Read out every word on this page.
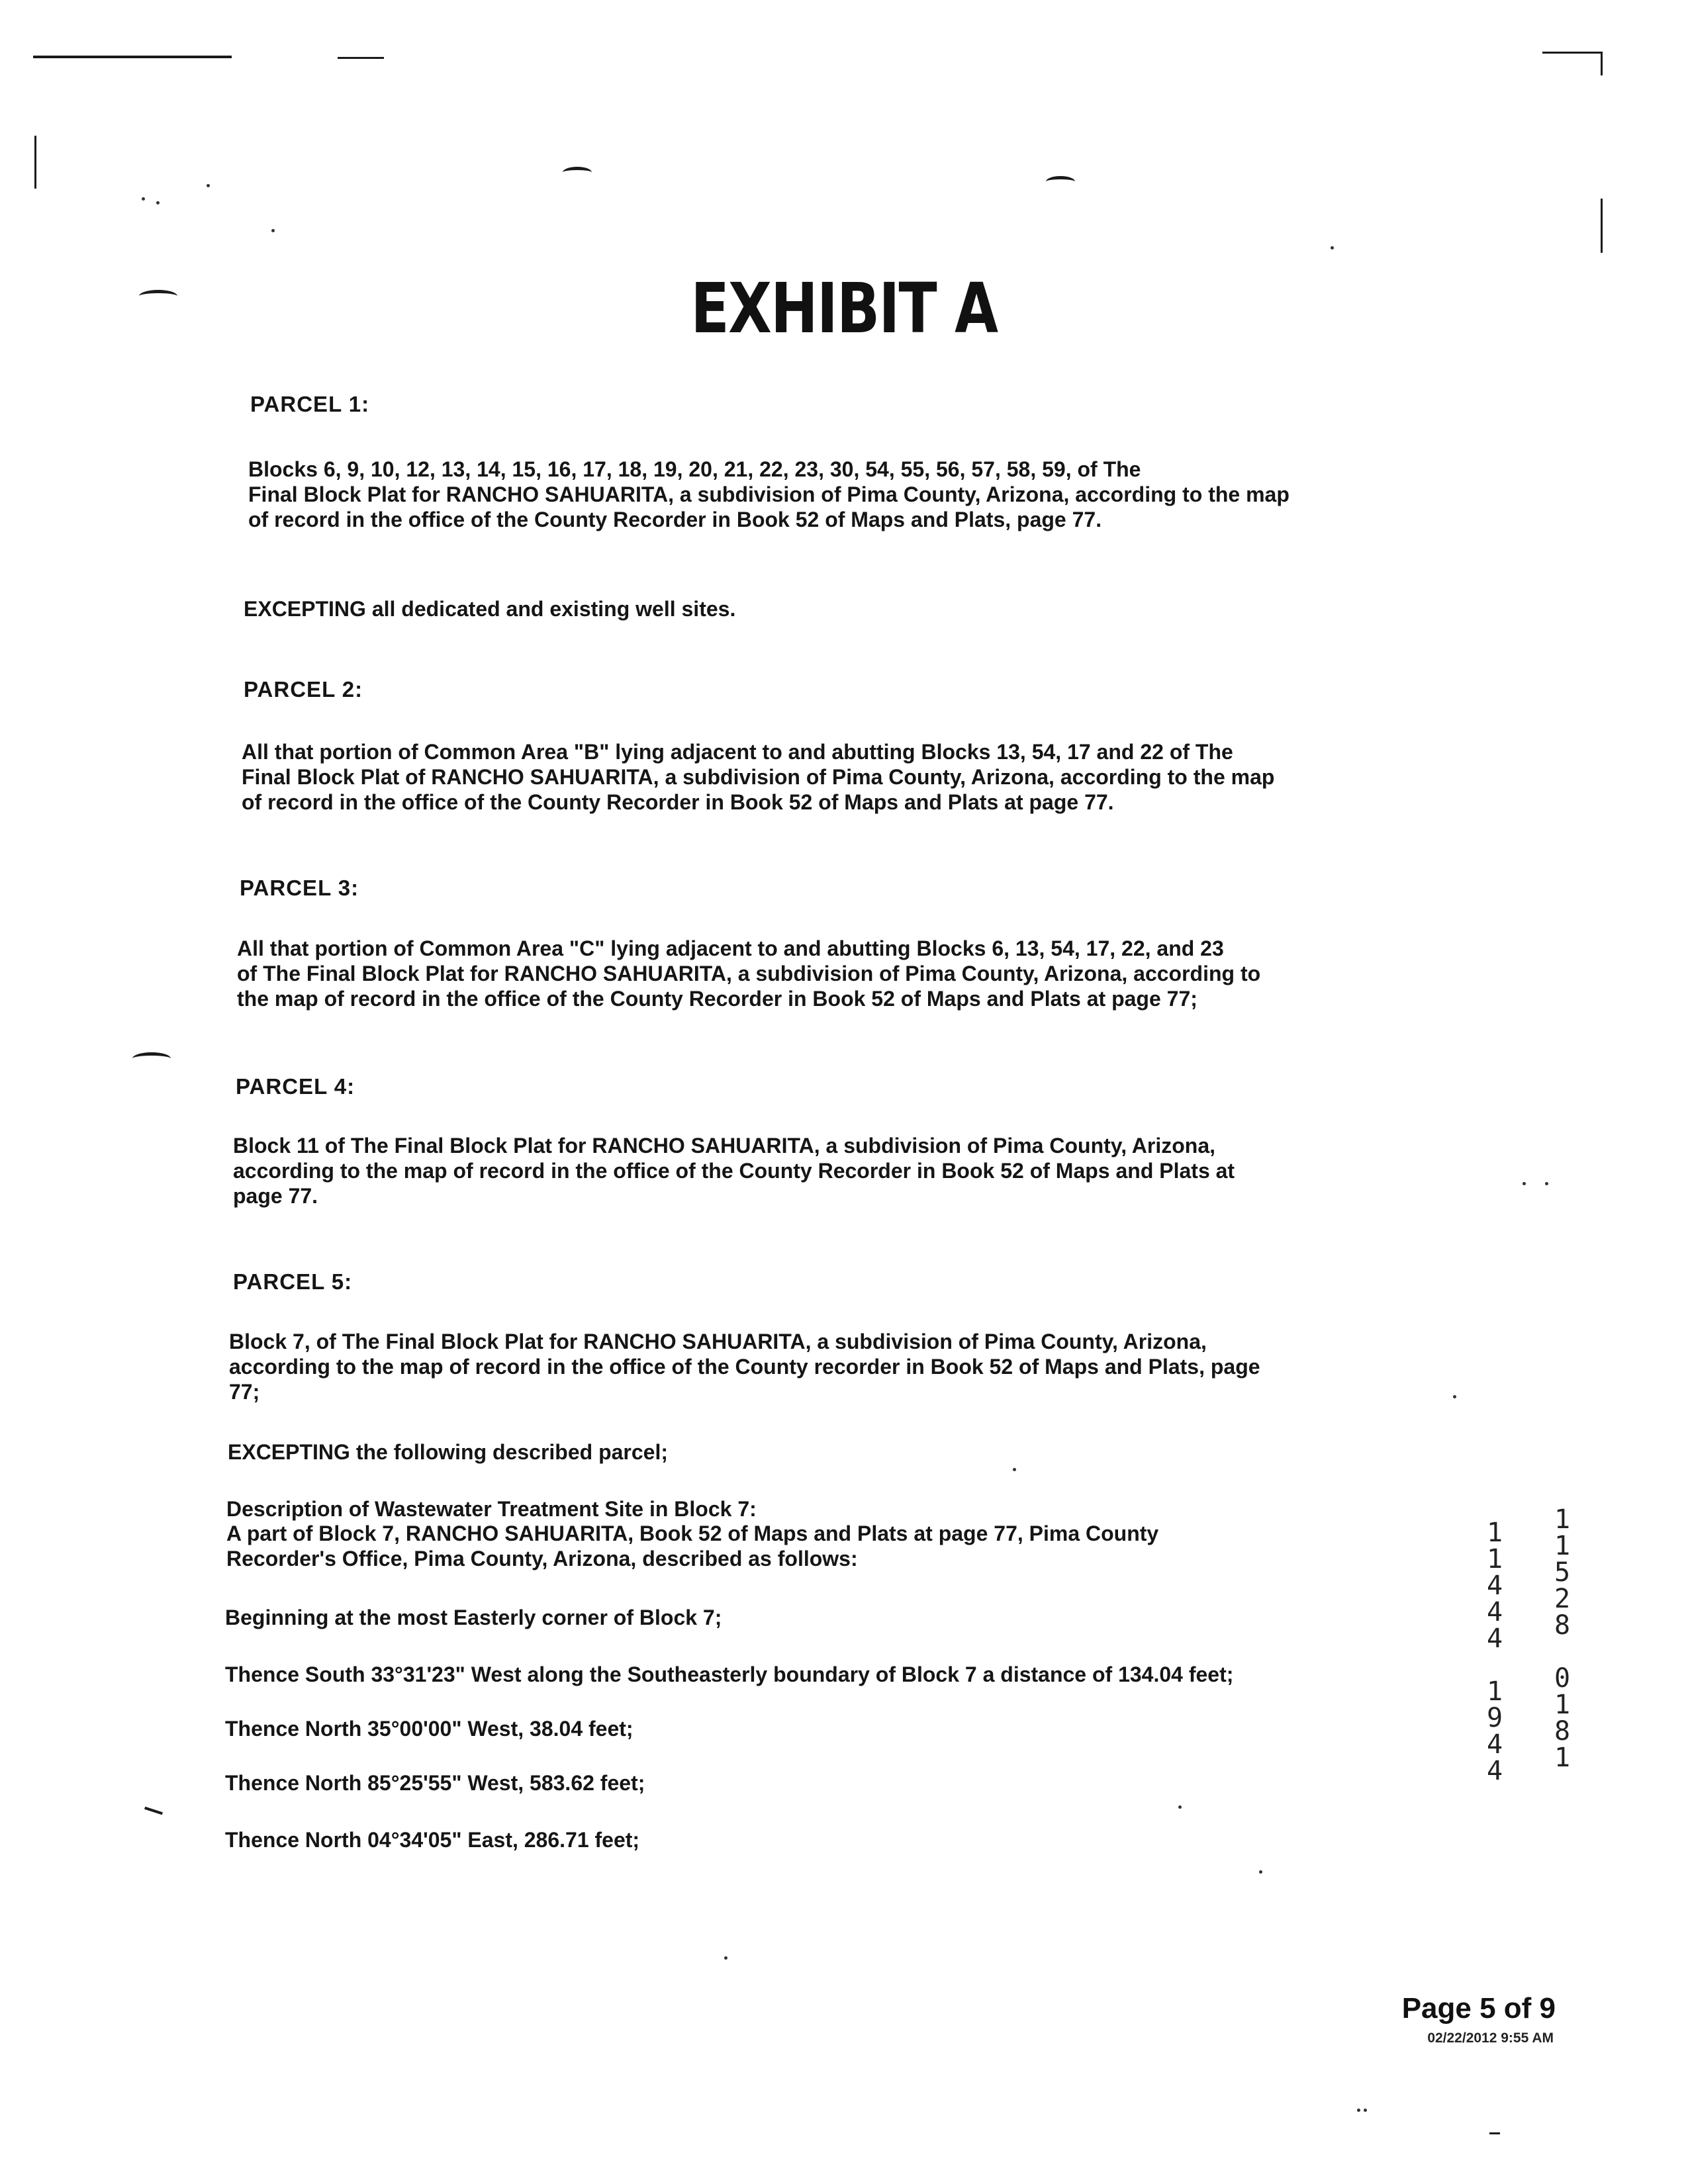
EXHIBIT A
PARCEL 1:
Blocks 6, 9, 10, 12, 13, 14, 15, 16, 17, 18, 19, 20, 21, 22, 23, 30, 54, 55, 56, 57, 58, 59, of The
Final Block Plat for RANCHO SAHUARITA, a subdivision of Pima County, Arizona, according to the map
of record in the office of the County Recorder in Book 52 of Maps and Plats, page 77.
EXCEPTING all dedicated and existing well sites.
PARCEL 2:
All that portion of Common Area "B" lying adjacent to and abutting Blocks 13, 54, 17 and 22 of The
Final Block Plat of RANCHO SAHUARITA, a subdivision of Pima County, Arizona, according to the map
of record in the office of the County Recorder in Book 52 of Maps and Plats at page 77.
PARCEL 3:
All that portion of Common Area "C" lying adjacent to and abutting Blocks 6, 13, 54, 17, 22, and 23
of The Final Block Plat for RANCHO SAHUARITA, a subdivision of Pima County, Arizona, according to
the map of record in the office of the County Recorder in Book 52 of Maps and Plats at page 77;
PARCEL 4:
Block 11 of The Final Block Plat for RANCHO SAHUARITA, a subdivision of Pima County, Arizona,
according to the map of record in the office of the County Recorder in Book 52 of Maps and Plats at
page 77.
PARCEL 5:
Block 7, of The Final Block Plat for RANCHO SAHUARITA, a subdivision of Pima County, Arizona,
according to the map of record in the office of the County recorder in Book 52 of Maps and Plats, page
77;
EXCEPTING the following described parcel;
Description of Wastewater Treatment Site in Block 7:
A part of Block 7, RANCHO SAHUARITA, Book 52 of Maps and Plats at page 77, Pima County
Recorder's Office, Pima County, Arizona, described as follows:
Beginning at the most Easterly corner of Block 7;
Thence South 33°31'23" West along the Southeasterly boundary of Block 7 a distance of 134.04 feet;
Thence North 35°00'00" West, 38.04 feet;
Thence North 85°25'55" West, 583.62 feet;
Thence North 04°34'05" East, 286.71 feet;
1
1
4
4
4

1
9
4
4
1
1
5
2
8

0
1
8
1
Page 5 of 9
02/22/2012 9:55 AM
